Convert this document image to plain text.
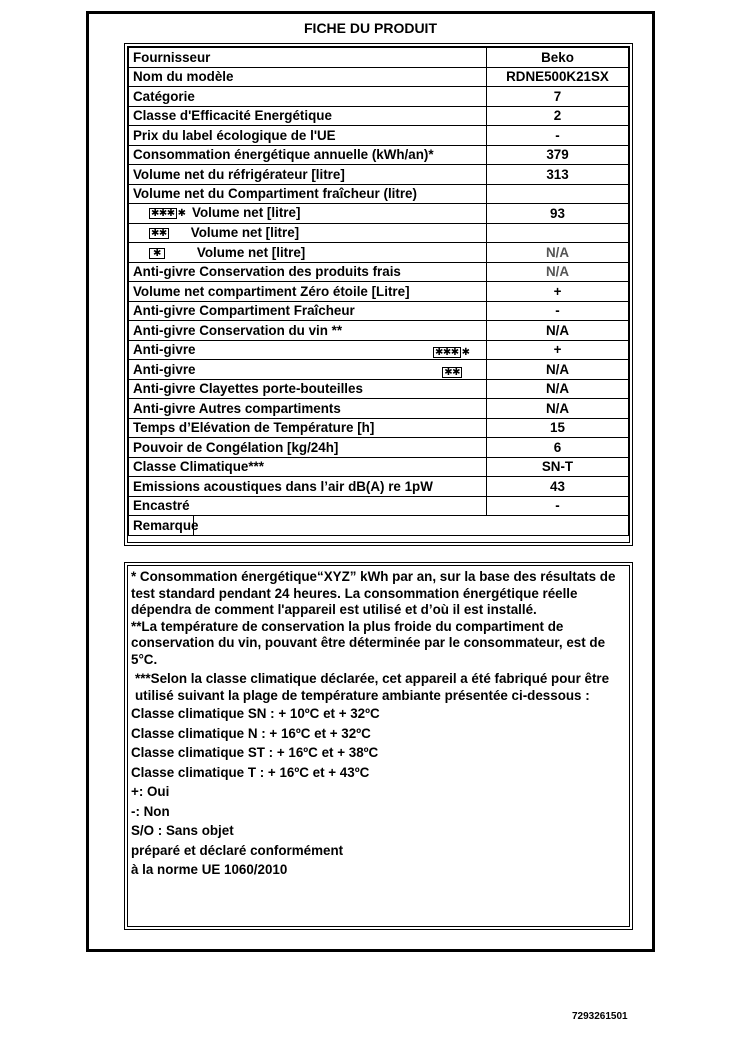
FICHE DU PRODUIT
Fournisseur	Beko
Nom du modèle	RDNE500K21SX
Catégorie	7
Classe d'Efficacité Energétique	2
Prix du label écologique de l'UE	-
Consommation énergétique annuelle (kWh/an)*	379
Volume net du réfrigérateur [litre]	313
Volume net du Compartiment fraîcheur (litre)	
✱✱✱ ✱ Volume net [litre]	93
✱✱ Volume net [litre]	
✱ Volume net [litre]	N/A
Anti-givre Conservation des produits frais	N/A
Volume net compartiment Zéro étoile [Litre]	+
Anti-givre Compartiment Fraîcheur	-
Anti-givre Conservation du vin **	N/A
Anti-givre ✱✱✱ ✱	+
Anti-givre ✱✱	N/A
Anti-givre Clayettes porte-bouteilles	N/A
Anti-givre Autres compartiments	N/A
Temps d’Elévation de Température [h]	15
Pouvoir de Congélation [kg/24h]	6
Classe Climatique***	SN-T
Emissions acoustiques dans l’air dB(A) re 1pW	43
Encastré	-
Remarque	

* Consommation énergétique“XYZ” kWh par an, sur la base des résultats de test standard pendant 24 heures. La consommation énergétique réelle dépendra de comment l'appareil est utilisé et d’où il est installé.

**La température de conservation la plus froide du compartiment de conservation du vin, pouvant être déterminée par le consommateur, est de 5°C.

***Selon la classe climatique déclarée, cet appareil a été fabriqué pour être utilisé suivant la plage de température ambiante présentée ci-dessous :

Classe climatique SN : + 10ºC et + 32ºC

Classe climatique N : + 16ºC et + 32ºC

Classe climatique ST : + 16ºC et + 38ºC

Classe climatique T : + 16ºC et + 43ºC

+: Oui

-: Non

S/O : Sans objet

préparé et déclaré conformément

à la norme UE 1060/2010

7293261501
